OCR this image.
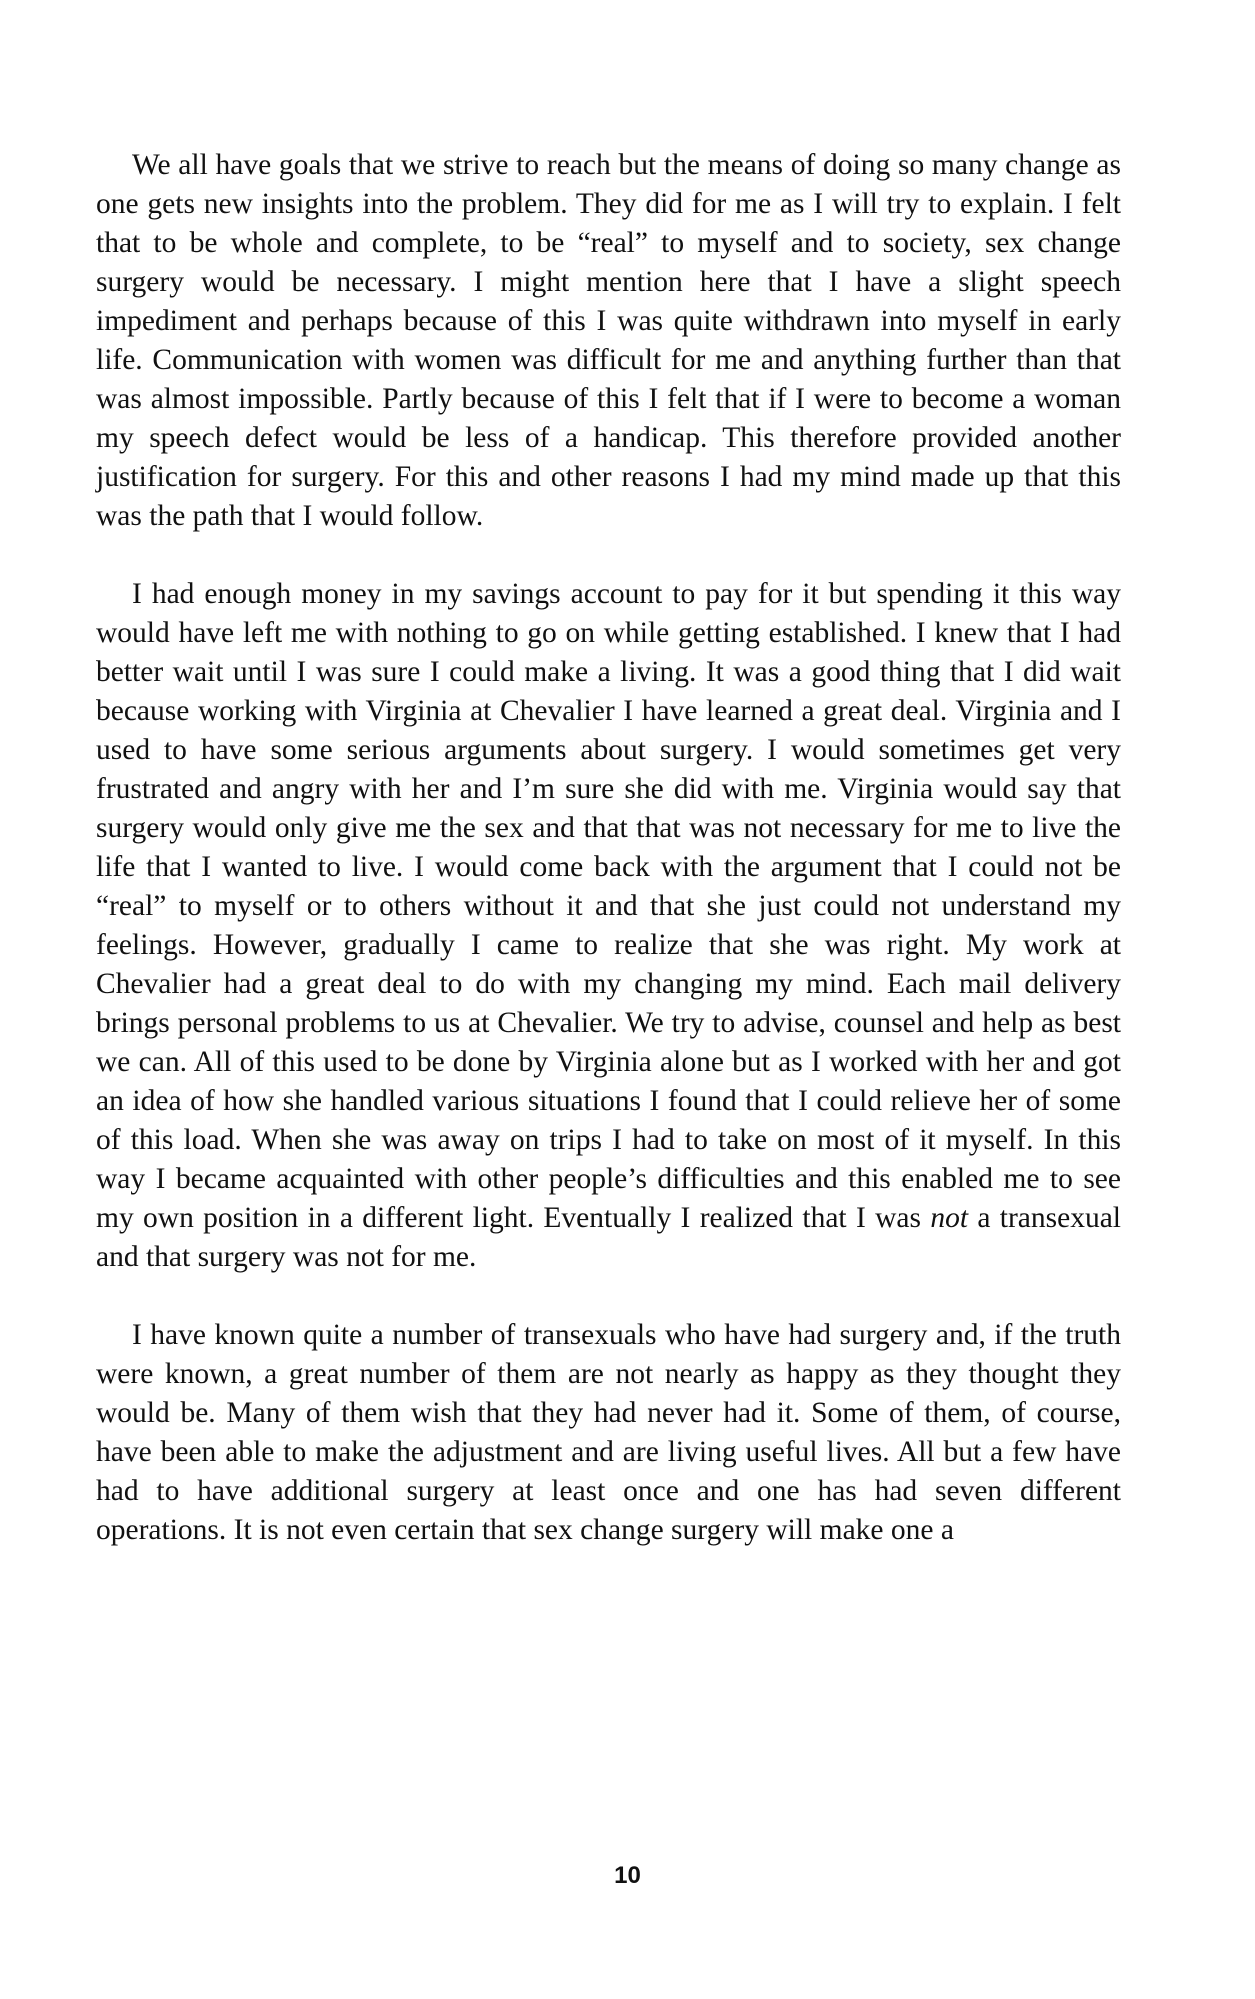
We all have goals that we strive to reach but the means of doing so many change as one gets new insights into the problem. They did for me as I will try to explain. I felt that to be whole and complete, to be “real” to myself and to society, sex change surgery would be necessary. I might mention here that I have a slight speech impediment and perhaps because of this I was quite withdrawn into myself in early life. Communication with women was difficult for me and anything further than that was almost impossible. Partly because of this I felt that if I were to become a woman my speech defect would be less of a handicap. This therefore provided another justification for surgery. For this and other reasons I had my mind made up that this was the path that I would follow.

I had enough money in my savings account to pay for it but spending it this way would have left me with nothing to go on while getting established. I knew that I had better wait until I was sure I could make a living. It was a good thing that I did wait because working with Virginia at Chevalier I have learned a great deal. Virginia and I used to have some serious arguments about surgery. I would sometimes get very frustrated and angry with her and I’m sure she did with me. Virginia would say that surgery would only give me the sex and that that was not necessary for me to live the life that I wanted to live. I would come back with the argument that I could not be “real” to myself or to others without it and that she just could not understand my feelings. However, gradually I came to realize that she was right. My work at Chevalier had a great deal to do with my changing my mind. Each mail delivery brings personal problems to us at Chevalier. We try to advise, counsel and help as best we can. All of this used to be done by Virginia alone but as I worked with her and got an idea of how she handled various situations I found that I could relieve her of some of this load. When she was away on trips I had to take on most of it myself. In this way I became acquainted with other people’s difficulties and this enabled me to see my own position in a different light. Eventually I realized that I was not a transexual and that surgery was not for me.

I have known quite a number of transexuals who have had surgery and, if the truth were known, a great number of them are not nearly as happy as they thought they would be. Many of them wish that they had never had it. Some of them, of course, have been able to make the adjustment and are living useful lives. All but a few have had to have additional surgery at least once and one has had seven different operations. It is not even certain that sex change surgery will make one a

10
